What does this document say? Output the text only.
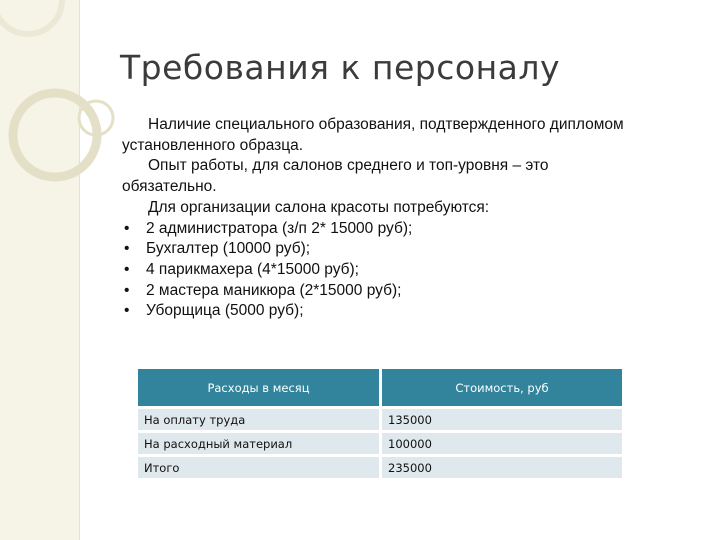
Требования к персоналу

Наличие специального образования, подтвержденного дипломом установленного образца.

Опыт работы, для салонов среднего и топ-уровня – это обязательно.

Для организации салона красоты потребуются:

• 2 администратора (з/п 2* 15000 руб);
• Бухгалтер (10000 руб);
• 4 парикмахера (4*15000 руб);
• 2 мастера маникюра (2*15000 руб);
• Уборщица (5000 руб);
Расходы в месяц	Стоимость, руб
На оплату труда	135000
На расходный материал	100000
Итого	235000
